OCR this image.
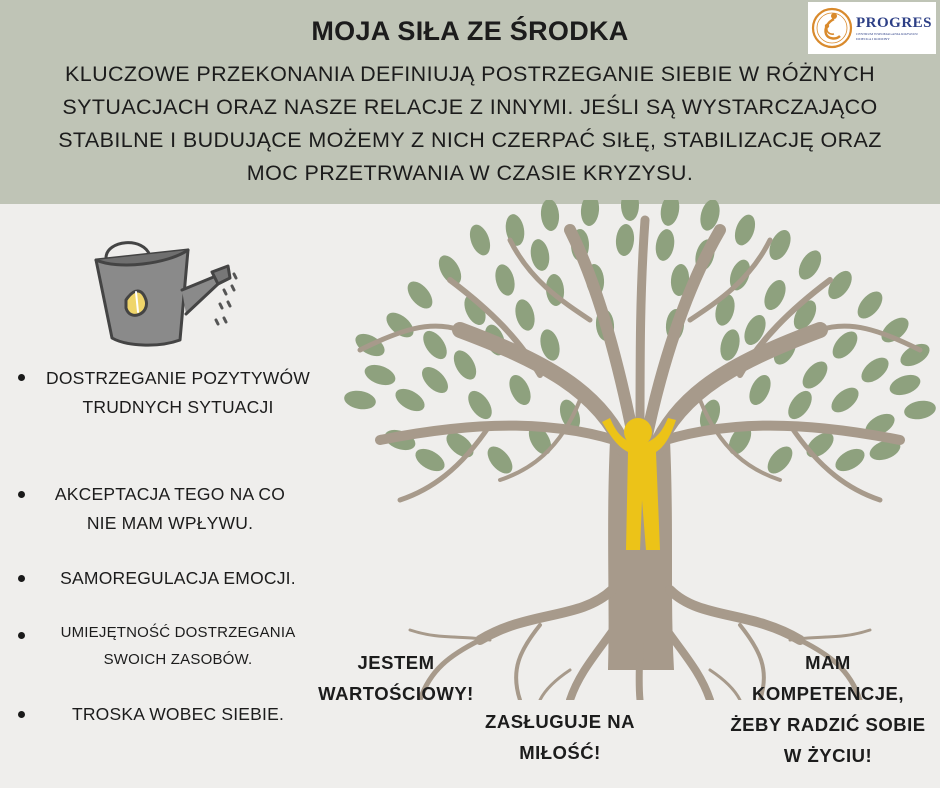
MOJA SIŁA ZE ŚRODKA
KLUCZOWE PRZEKONANIA DEFINIUJĄ POSTRZEGANIE SIEBIE W RÓŻNYCH SYTUACJACH ORAZ NASZE RELACJE Z INNYMI. JEŚLI SĄ WYSTARCZAJĄCO STABILNE I BUDUJĄCE MOŻEMY Z NICH CZERPAĆ SIŁĘ, STABILIZACJĘ ORAZ MOC PRZETRWANIA W CZASIE KRYZYSU.
PROGRES
CENTRUM WSPOMAGANIA ROZWOJU DZIECKA I RODZINY
DOSTRZEGANIE POZYTYWÓW TRUDNYCH SYTUACJI
AKCEPTACJA TEGO NA CO NIE MAM WPŁYWU.
SAMOREGULACJA EMOCJI.
UMIEJĘTNOŚĆ DOSTRZEGANIA SWOICH ZASOBÓW.
TROSKA WOBEC SIEBIE.
JESTEM WARTOŚCIOWY!
ZASŁUGUJE NA MIŁOŚĆ!
MAM KOMPETENCJE, ŻEBY RADZIĆ SOBIE W ŻYCIU!
